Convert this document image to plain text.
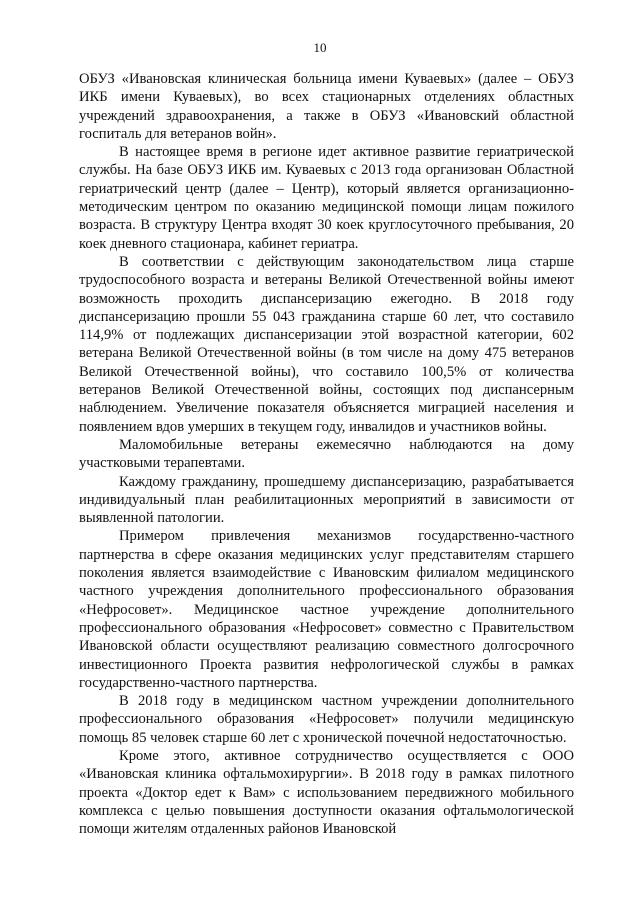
10

ОБУЗ «Ивановская клиническая больница имени Куваевых» (далее – ОБУЗ ИКБ имени Куваевых), во всех стационарных отделениях областных учреждений здравоохранения, а также в ОБУЗ «Ивановский областной госпиталь для ветеранов войн».

В настоящее время в регионе идет активное развитие гериатрической службы. На базе ОБУЗ ИКБ им. Куваевых с 2013 года организован Областной гериатрический центр (далее – Центр), который является организационно-методическим центром по оказанию медицинской помощи лицам пожилого возраста. В структуру Центра входят 30 коек круглосуточного пребывания, 20 коек дневного стационара, кабинет гериатра.

В соответствии с действующим законодательством лица старше трудоспособного возраста и ветераны Великой Отечественной войны имеют возможность проходить диспансеризацию ежегодно. В 2018 году диспансеризацию прошли 55 043 гражданина старше 60 лет, что составило 114,9% от подлежащих диспансеризации этой возрастной категории, 602 ветерана Великой Отечественной войны (в том числе на дому 475 ветеранов Великой Отечественной войны), что составило 100,5% от количества ветеранов Великой Отечественной войны, состоящих под диспансерным наблюдением. Увеличение показателя объясняется миграцией населения и появлением вдов умерших в текущем году, инвалидов и участников войны.

Маломобильные ветераны ежемесячно наблюдаются на дому участковыми терапевтами.

Каждому гражданину, прошедшему диспансеризацию, разрабатывается индивидуальный план реабилитационных мероприятий в зависимости от выявленной патологии.

Примером привлечения механизмов государственно-частного партнерства в сфере оказания медицинских услуг представителям старшего поколения является взаимодействие с Ивановским филиалом медицинского частного учреждения дополнительного профессионального образования «Нефросовет». Медицинское частное учреждение дополнительного профессионального образования «Нефросовет» совместно с Правительством Ивановской области осуществляют реализацию совместного долгосрочного инвестиционного Проекта развития нефрологической службы в рамках государственно-частного партнерства.

В 2018 году в медицинском частном учреждении дополнительного профессионального образования «Нефросовет» получили медицинскую помощь 85 человек старше 60 лет с хронической почечной недостаточностью.

Кроме этого, активное сотрудничество осуществляется с ООО «Ивановская клиника офтальмохирургии». В 2018 году в рамках пилотного проекта «Доктор едет к Вам» с использованием передвижного мобильного комплекса с целью повышения доступности оказания офтальмологической помощи жителям отдаленных районов Ивановской
